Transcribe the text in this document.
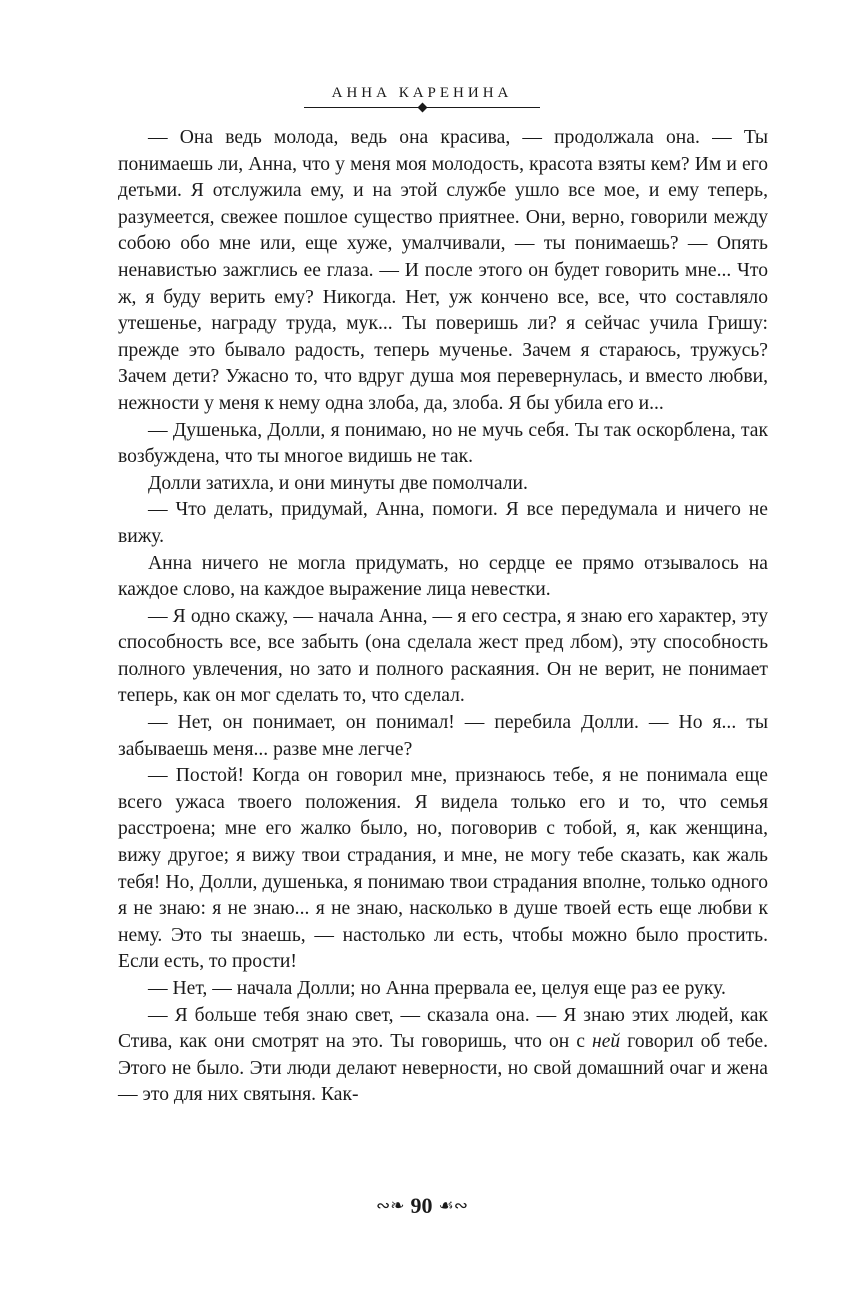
АННА КАРЕНИНА

— Она ведь молода, ведь она красива, — продолжала она. — Ты понимаешь ли, Анна, что у меня моя молодость, красота взяты кем? Им и его детьми. Я отслужила ему, и на этой службе ушло все мое, и ему теперь, разумеется, свежее пошлое существо приятнее. Они, верно, говорили между собою обо мне или, еще хуже, умалчивали, — ты понимаешь? — Опять ненавистью зажглись ее глаза. — И после этого он будет говорить мне... Что ж, я буду верить ему? Никогда. Нет, уж кончено все, все, что составляло утешенье, награду труда, мук... Ты поверишь ли? я сейчас учила Гришу: прежде это бывало радость, теперь мученье. Зачем я стараюсь, тружусь? Зачем дети? Ужасно то, что вдруг душа моя перевернулась, и вместо любви, нежности у меня к нему одна злоба, да, злоба. Я бы убила его и...

— Душенька, Долли, я понимаю, но не мучь себя. Ты так оскорблена, так возбуждена, что ты многое видишь не так.

Долли затихла, и они минуты две помолчали.

— Что делать, придумай, Анна, помоги. Я все передумала и ничего не вижу.

Анна ничего не могла придумать, но сердце ее прямо отзывалось на каждое слово, на каждое выражение лица невестки.

— Я одно скажу, — начала Анна, — я его сестра, я знаю его характер, эту способность все, все забыть (она сделала жест пред лбом), эту способность полного увлечения, но зато и полного раскаяния. Он не верит, не понимает теперь, как он мог сделать то, что сделал.

— Нет, он понимает, он понимал! — перебила Долли. — Но я... ты забываешь меня... разве мне легче?

— Постой! Когда он говорил мне, признаюсь тебе, я не понимала еще всего ужаса твоего положения. Я видела только его и то, что семья расстроена; мне его жалко было, но, поговорив с тобой, я, как женщина, вижу другое; я вижу твои страдания, и мне, не могу тебе сказать, как жаль тебя! Но, Долли, душенька, я понимаю твои страдания вполне, только одного я не знаю: я не знаю... я не знаю, насколько в душе твоей есть еще любви к нему. Это ты знаешь, — настолько ли есть, чтобы можно было простить. Если есть, то прости!

— Нет, — начала Долли; но Анна прервала ее, целуя еще раз ее руку.

— Я больше тебя знаю свет, — сказала она. — Я знаю этих людей, как Стива, как они смотрят на это. Ты говоришь, что он с ней говорил об тебе. Этого не было. Эти люди делают неверности, но свой домашний очаг и жена — это для них святыня. Как-

∾❧ 90 ☙∾
